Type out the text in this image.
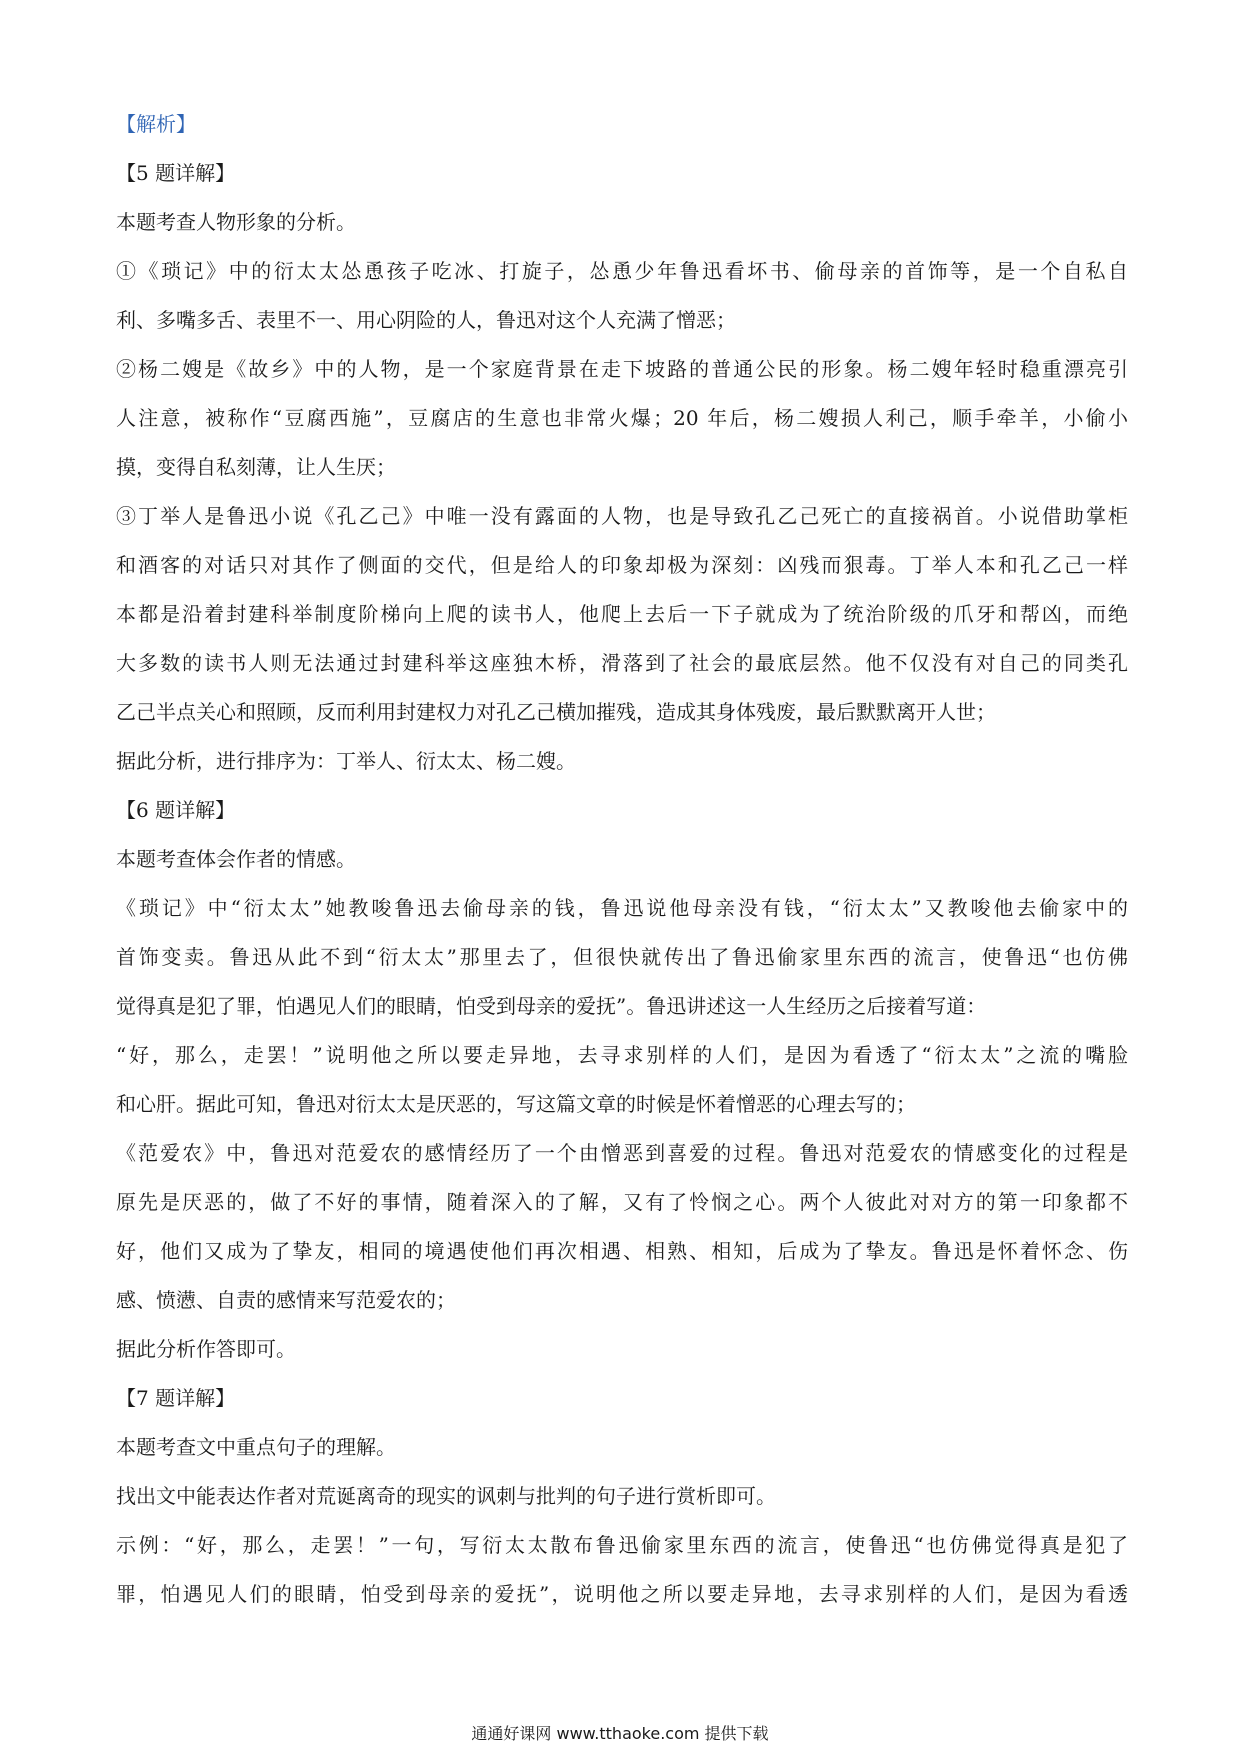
【解析】
【5 题详解】
本题考查人物形象的分析。
①《琐记》中的衍太太怂恿孩子吃冰、打旋子，怂恿少年鲁迅看坏书、偷母亲的首饰等，是一个自私自
利、多嘴多舌、表里不一、用心阴险的人，鲁迅对这个人充满了憎恶；
②杨二嫂是《故乡》中的人物，是一个家庭背景在走下坡路的普通公民的形象。杨二嫂年轻时稳重漂亮引
人注意，被称作“豆腐西施”，豆腐店的生意也非常火爆；20 年后，杨二嫂损人利己，顺手牵羊，小偷小
摸，变得自私刻薄，让人生厌；
③丁举人是鲁迅小说《孔乙己》中唯一没有露面的人物，也是导致孔乙己死亡的直接祸首。小说借助掌柜
和酒客的对话只对其作了侧面的交代，但是给人的印象却极为深刻：凶残而狠毒。丁举人本和孔乙己一样
本都是沿着封建科举制度阶梯向上爬的读书人，他爬上去后一下子就成为了统治阶级的爪牙和帮凶，而绝
大多数的读书人则无法通过封建科举这座独木桥，滑落到了社会的最底层然。他不仅没有对自己的同类孔
乙己半点关心和照顾，反而利用封建权力对孔乙己横加摧残，造成其身体残废，最后默默离开人世；
据此分析，进行排序为：丁举人、衍太太、杨二嫂。
【6 题详解】
本题考查体会作者的情感。
《琐记》中“衍太太”她教唆鲁迅去偷母亲的钱，鲁迅说他母亲没有钱，“衍太太”又教唆他去偷家中的
首饰变卖。鲁迅从此不到“衍太太”那里去了，但很快就传出了鲁迅偷家里东西的流言，使鲁迅“也仿佛
觉得真是犯了罪，怕遇见人们的眼睛，怕受到母亲的爱抚”。鲁迅讲述这一人生经历之后接着写道：
“好，那么，走罢！”说明他之所以要走异地，去寻求别样的人们，是因为看透了“衍太太”之流的嘴脸
和心肝。据此可知，鲁迅对衍太太是厌恶的，写这篇文章的时候是怀着憎恶的心理去写的；
《范爱农》中，鲁迅对范爱农的感情经历了一个由憎恶到喜爱的过程。鲁迅对范爱农的情感变化的过程是
原先是厌恶的，做了不好的事情，随着深入的了解，又有了怜悯之心。两个人彼此对对方的第一印象都不
好，他们又成为了挚友，相同的境遇使他们再次相遇、相熟、相知，后成为了挚友。鲁迅是怀着怀念、伤
感、愤懑、自责的感情来写范爱农的；
据此分析作答即可。
【7 题详解】
本题考查文中重点句子的理解。
找出文中能表达作者对荒诞离奇的现实的讽刺与批判的句子进行赏析即可。
示例：“好，那么，走罢！”一句，写衍太太散布鲁迅偷家里东西的流言，使鲁迅“也仿佛觉得真是犯了
罪，怕遇见人们的眼睛，怕受到母亲的爱抚”，说明他之所以要走异地，去寻求别样的人们，是因为看透
通通好课网 www.tthaoke.com 提供下载
